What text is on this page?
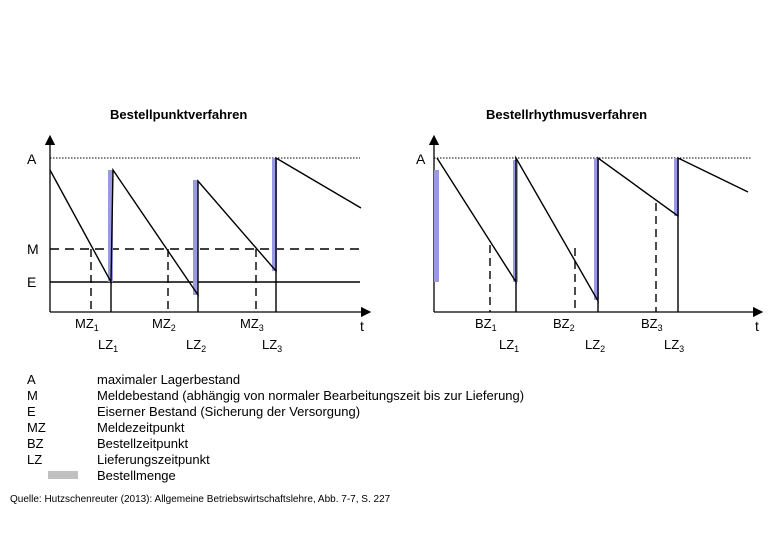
Bestellpunktverfahren	Bestellrhythmusverfahren
A	A
M
E
t	t
$MZ_1$	$MZ_2$	$MZ_3$
$LZ_1$	$LZ_2$	$LZ_3$
$BZ_1$	$BZ_2$	$BZ_3$
$LZ_1$	$LZ_2$	$LZ_3$
A	maximaler Lagerbestand
M	Meldebestand (abhängig von normaler Bearbeitungszeit bis zur Lieferung)
E	Eiserner Bestand (Sicherung der Versorgung)
MZ	Meldezeitpunkt
BZ	Bestellzeitpunkt
LZ	Lieferungszeitpunkt
Bestellmenge
Quelle: Hutzschenreuter (2013): Allgemeine Betriebswirtschaftslehre, Abb. 7-7, S. 227
